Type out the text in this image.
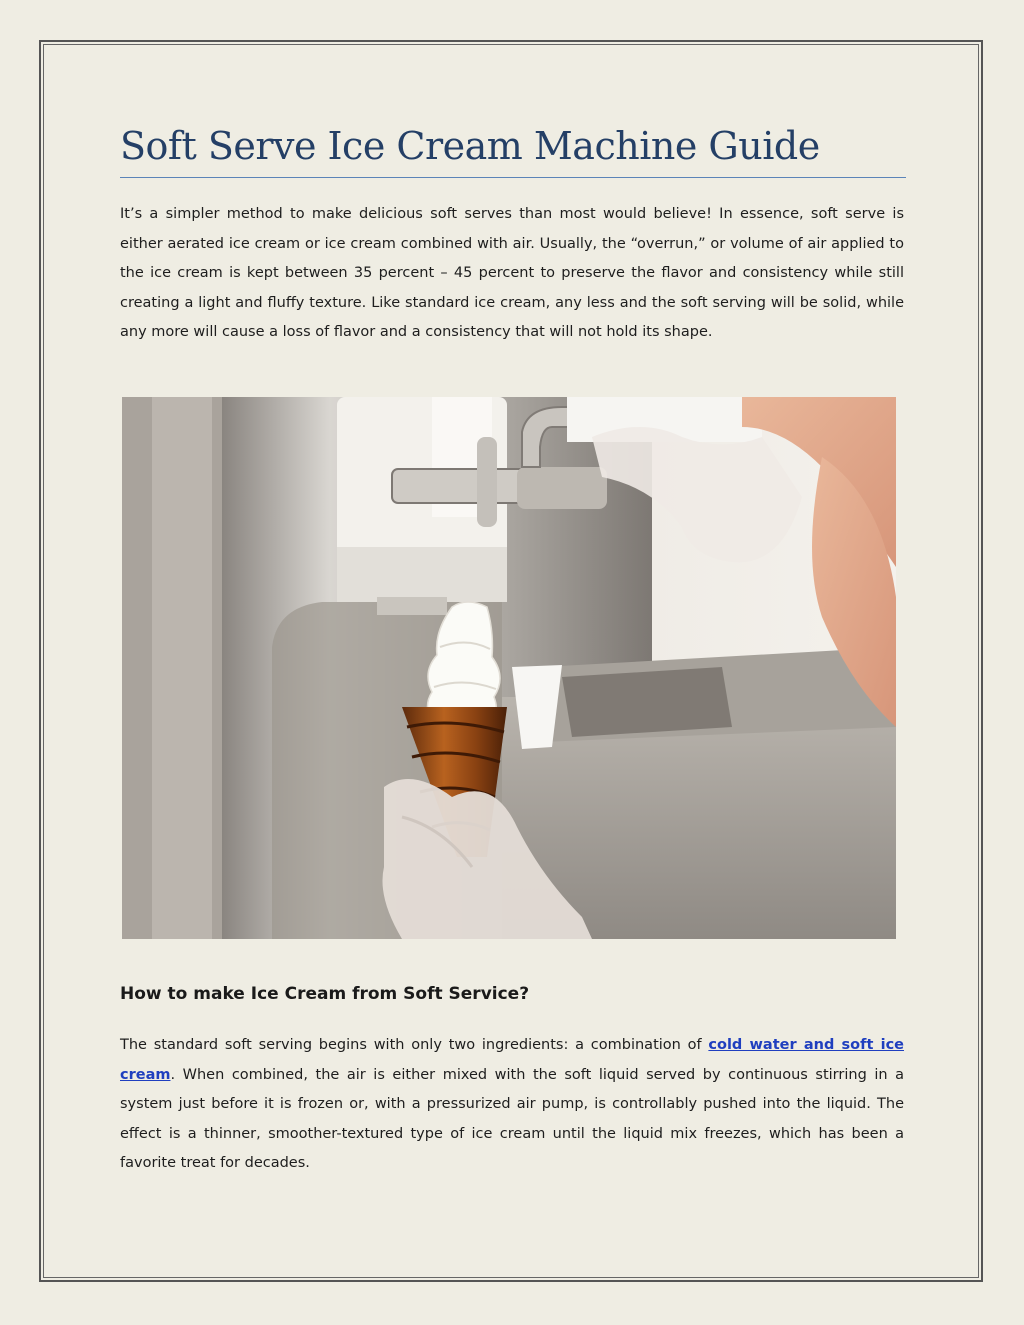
Soft Serve Ice Cream Machine Guide

It’s a simpler method to make delicious soft serves than most would believe! In essence, soft serve is either aerated ice cream or ice cream combined with air. Usually, the “overrun,” or volume of air applied to the ice cream is kept between 35 percent – 45 percent to preserve the flavor and consistency while still creating a light and fluffy texture. Like standard ice cream, any less and the soft serving will be solid, while any more will cause a loss of flavor and a consistency that will not hold its shape.

How to make Ice Cream from Soft Service?

The standard soft serving begins with only two ingredients: a combination of cold water and soft ice cream. When combined, the air is either mixed with the soft liquid served by continuous stirring in a system just before it is frozen or, with a pressurized air pump, is controllably pushed into the liquid. The effect is a thinner, smoother-textured type of ice cream until the liquid mix freezes, which has been a favorite treat for decades.
